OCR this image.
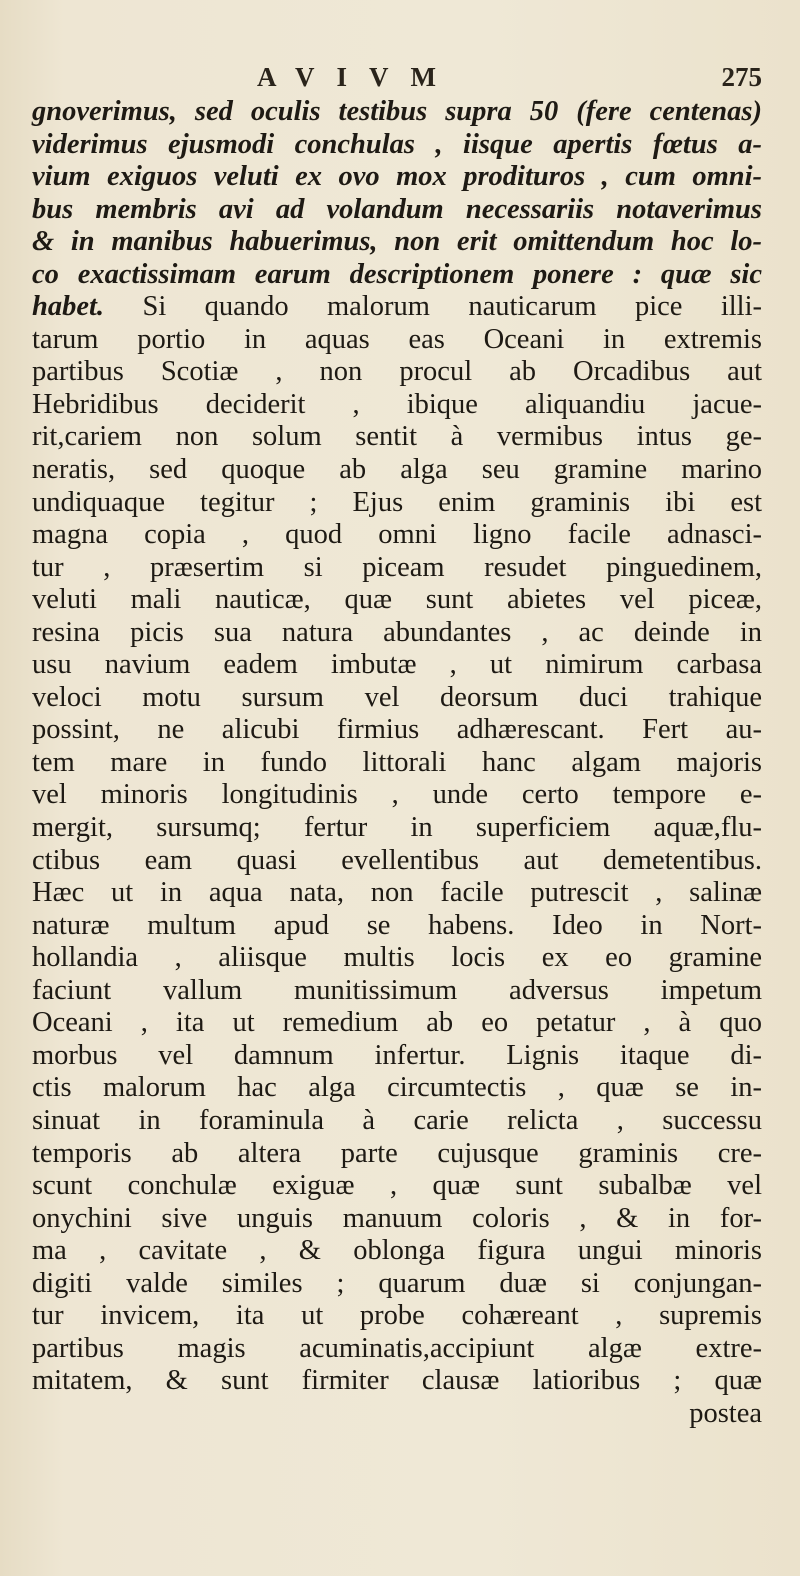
AVIVM	275
gnoverimus, sed oculis testibus supra 50 (fere centenas)
viderimus ejusmodi conchulas , iisque apertis fœtus a-
vium exiguos veluti ex ovo mox prodituros , cum omni-
bus membris avi ad volandum necessariis notaverimus
& in manibus habuerimus, non erit omittendum hoc lo-
co exactissimam earum descriptionem ponere : quæ sic
habet. Si quando malorum nauticarum pice illi-
tarum portio in aquas eas Oceani in extremis
partibus Scotiæ , non procul ab Orcadibus aut
Hebridibus deciderit , ibique aliquandiu jacue-
rit,cariem non solum sentit à vermibus intus ge-
neratis, sed quoque ab alga seu gramine marino
undiquaque tegitur ; Ejus enim graminis ibi est
magna copia , quod omni ligno facile adnasci-
tur , præsertim si piceam resudet pinguedinem,
veluti mali nauticæ, quæ sunt abietes vel piceæ,
resina picis sua natura abundantes , ac deinde in
usu navium eadem imbutæ , ut nimirum carbasa
veloci motu sursum vel deorsum duci trahique
possint, ne alicubi firmius adhærescant. Fert au-
tem mare in fundo littorali hanc algam majoris
vel minoris longitudinis , unde certo tempore e-
mergit, sursumq; fertur in superficiem aquæ,flu-
ctibus eam quasi evellentibus aut demetentibus.
Hæc ut in aqua nata, non facile putrescit , salinæ
naturæ multum apud se habens. Ideo in Nort-
hollandia , aliisque multis locis ex eo gramine
faciunt vallum munitissimum adversus impetum
Oceani , ita ut remedium ab eo petatur , à quo
morbus vel damnum infertur. Lignis itaque di-
ctis malorum hac alga circumtectis , quæ se in-
sinuat in foraminula à carie relicta , successu
temporis ab altera parte cujusque graminis cre-
scunt conchulæ exiguæ , quæ sunt subalbæ vel
onychini sive unguis manuum coloris , & in for-
ma , cavitate , & oblonga figura ungui minoris
digiti valde similes ; quarum duæ si conjungan-
tur invicem, ita ut probe cohæreant , supremis
partibus magis acuminatis,accipiunt algæ extre-
mitatem, & sunt firmiter clausæ latioribus ; quæ
postea
